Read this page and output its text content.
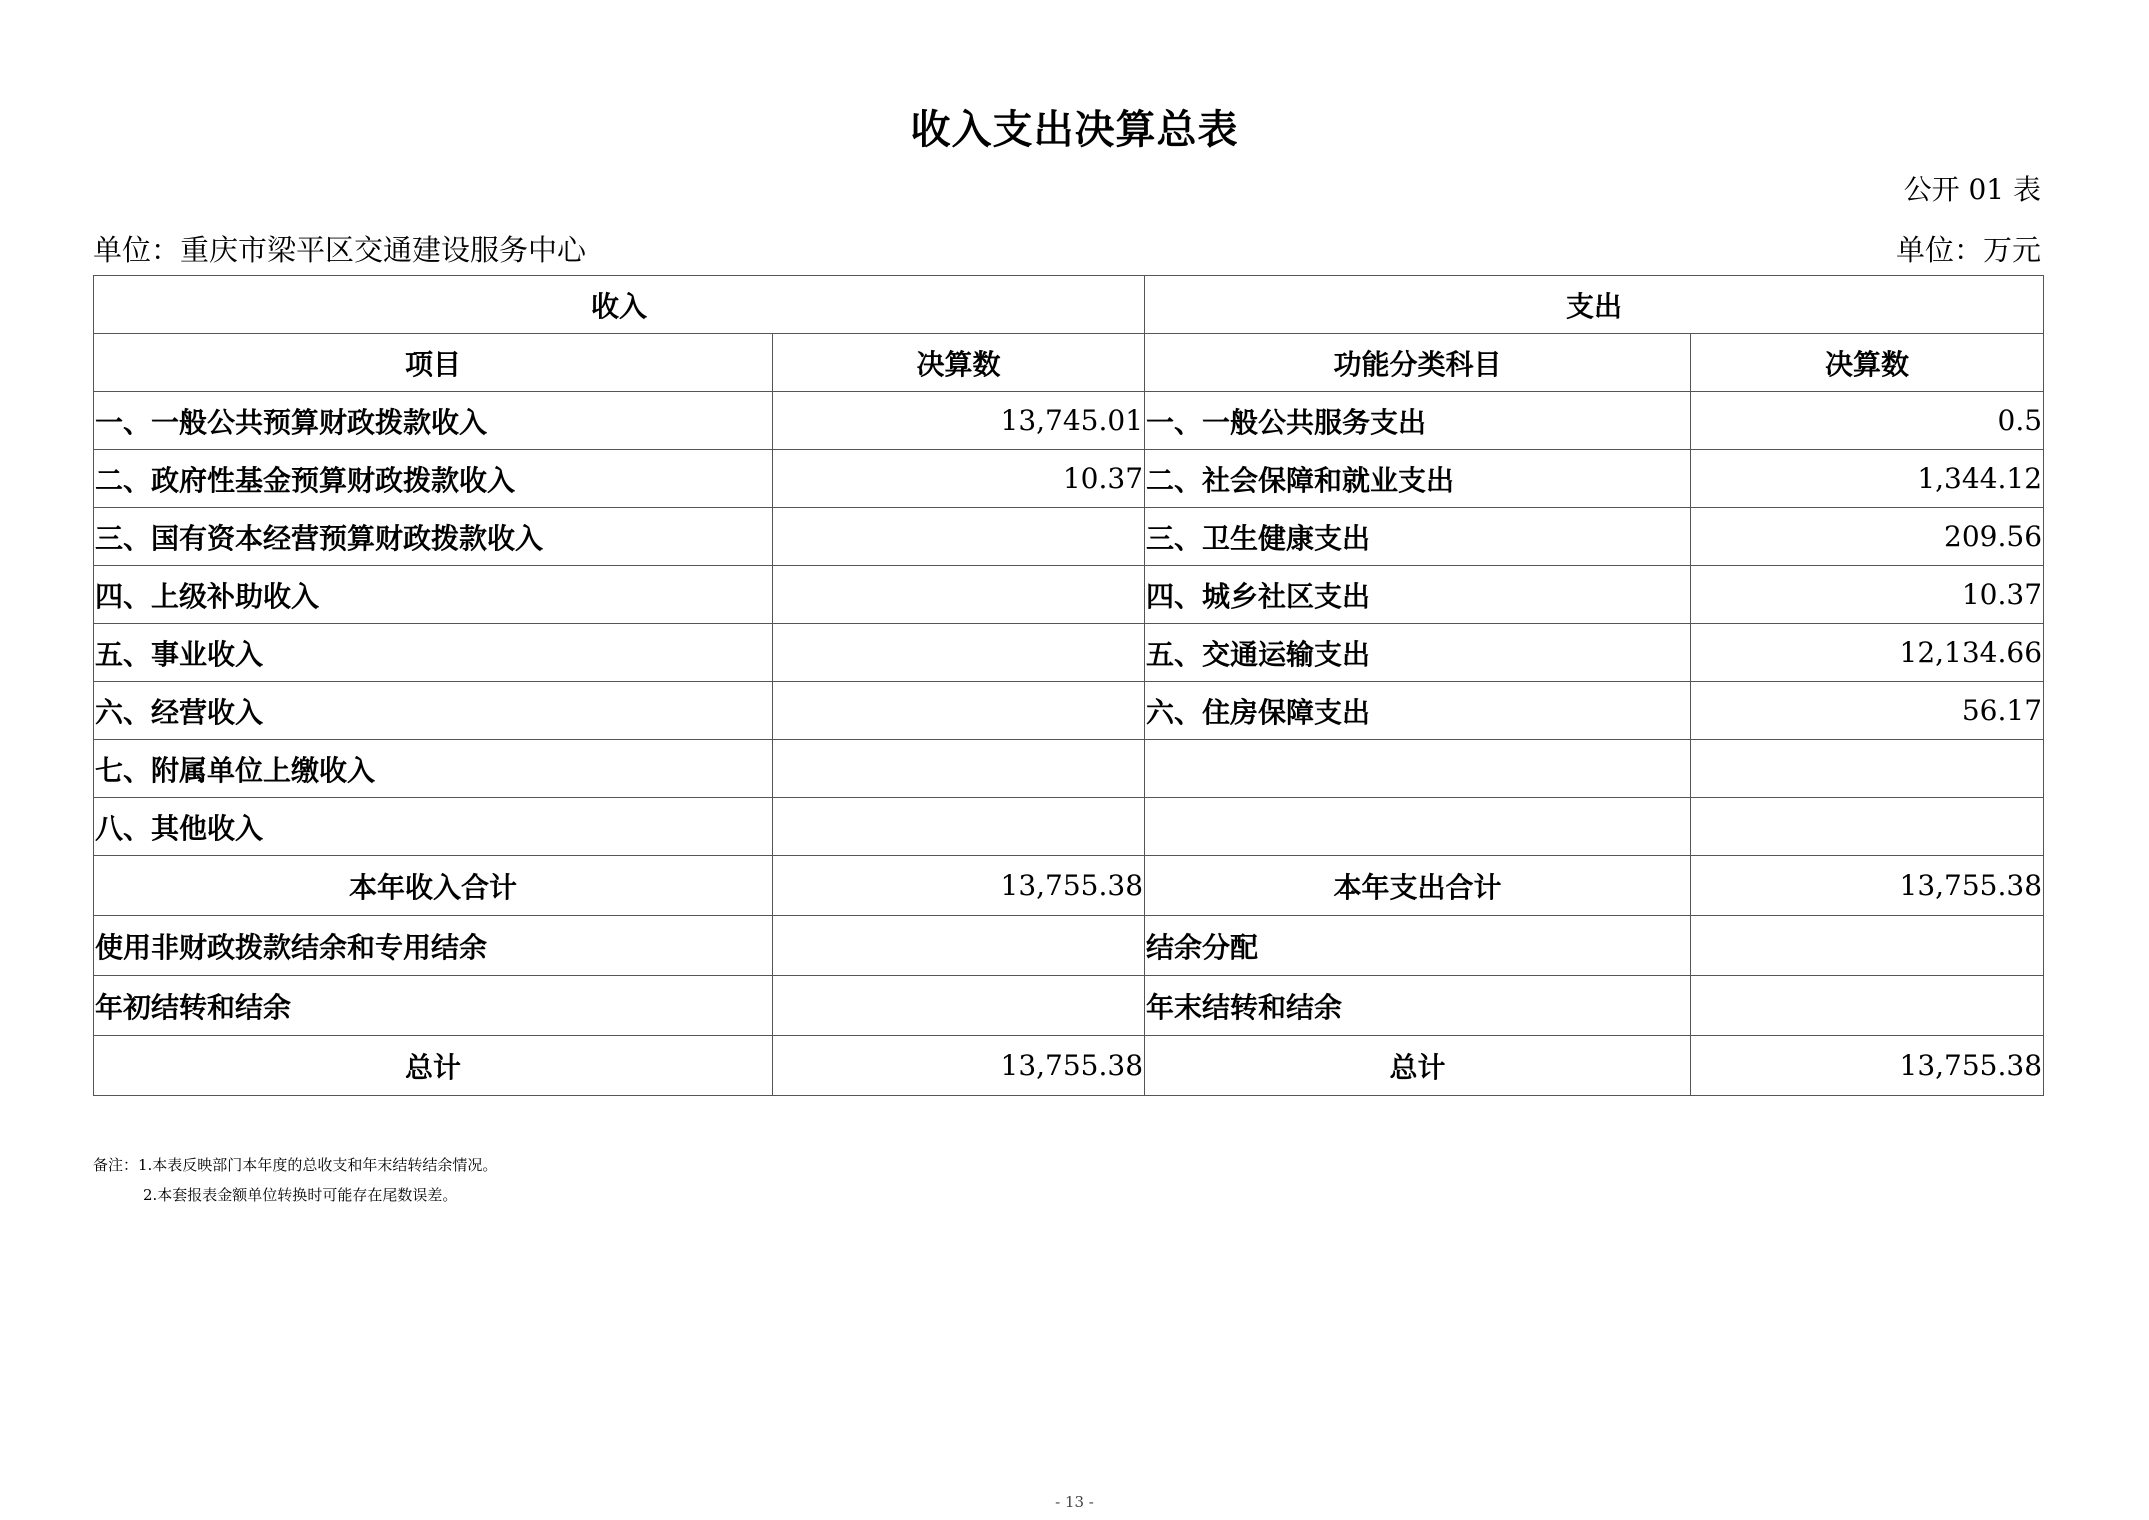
收入支出决算总表
公开 01 表
单位：重庆市梁平区交通建设服务中心	单位：万元
收入		支出	
项目	决算数	功能分类科目	决算数
一、一般公共预算财政拨款收入	13,745.01	一、一般公共服务支出	0.5
二、政府性基金预算财政拨款收入	10.37	二、社会保障和就业支出	1,344.12
三、国有资本经营预算财政拨款收入		三、卫生健康支出	209.56
四、上级补助收入		四、城乡社区支出	10.37
五、事业收入		五、交通运输支出	12,134.66
六、经营收入		六、住房保障支出	56.17
七、附属单位上缴收入			
八、其他收入			
本年收入合计	13,755.38	本年支出合计	13,755.38
使用非财政拨款结余和专用结余		结余分配	
年初结转和结余		年末结转和结余	
总计	13,755.38	总计	13,755.38
备注：1.本表反映部门本年度的总收支和年末结转结余情况。
2.本套报表金额单位转换时可能存在尾数误差。
- 13 -
